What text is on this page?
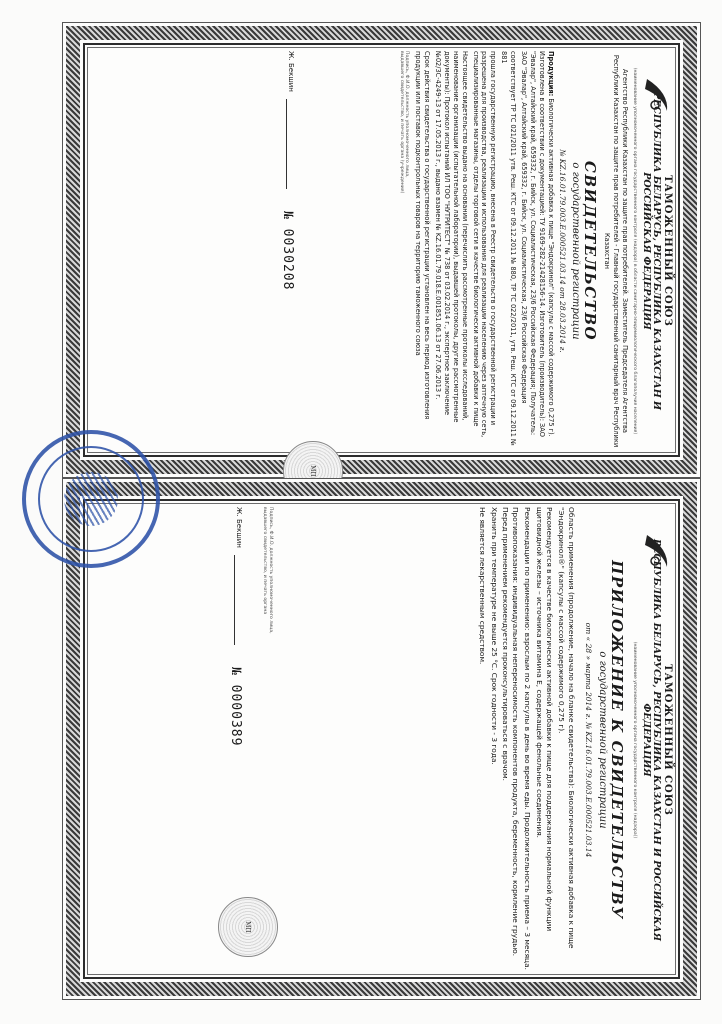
ТАМОЖЕННЫЙ СОЮЗ
РЕСПУБЛИКА БЕЛАРУСЬ, РЕСПУБЛИКА КАЗАХСТАН И РОССИЙСКАЯ ФЕДЕРАЦИЯ
(наименование уполномоченного органа государственного контроля (надзора) в области санитарно-эпидемиологического благополучия населения)
Агентство Республики Казахстан по защите прав потребителей. Заместитель Председателя Агентства Республики Казахстан по защите прав потребителей - Главный государственный санитарный врач Республики Казахстан
СВИДЕТЕЛЬСТВО
о государственной регистрации
№ KZ.16.01.79.003.E.000521.03.14 от 28.03.2014 г.
Продукция: Биологически активная добавка к пище "Эндокринол" (капсулы с массой содержимого 0,275 г). Изготовлена в соответствии с документацией: ТУ 9169-282-21428156-14. Изготовитель (производитель): ЗАО "Эвалар", Алтайский край, 659332, г. Бийск, ул. Социалистическая, 23/6 Российская Федерация; Получатель: ЗАО "Эвалар", Алтайский край, 659332, г. Бийск, ул. Социалистическая, 23/6 Российская Федерация
соответствует ТР ТС 021/2011 утв. Реш. КТС от 09.12.2011 № 880, ТР ТС 022/2011, утв. Реш. КТС от 09.12.2011 № 881
прошла государственную регистрацию, внесена в Реестр свидетельств о государственной регистрации и разрешена для производства, реализации и использования для реализации населению через аптечную сеть, специализированные магазины, отделы торговой сети в качестве биологически активной добавки к пище
Настоящее свидетельство выдано на основании (перечислить рассмотренные протоколы исследований, наименование организации (испытательной лаборатории), выдавшей протоколы, другие рассмотренные документы): Протокол испытаний ИЛ ТОО "НУТРИТЕСТ" № 738 от 03.02.2014 г., экспертное заключение №02/3С-4249-13 от 17.05.2013 г., выдано взамен № KZ.16.01.79.018.E.001851.06.13 от 27.06.2013 г.
Срок действия свидетельства о государственной регистрации установлен на весь период изготовления продукции или поставок подконтрольных товаров на территорию таможенного союза
Подпись, Ф.И.О. должность уполномоченного лица, выдавшего свидетельство, и печать органа (учреждения)
Ж. Бекшин
МП
№ 0030208
ТАМОЖЕННЫЙ СОЮЗ
РЕСПУБЛИКА БЕЛАРУСЬ, РЕСПУБЛИКА КАЗАХСТАН И РОССИЙСКАЯ ФЕДЕРАЦИЯ
(наименование уполномоченного органа государственного контроля (надзора))
ПРИЛОЖЕНИЕ К СВИДЕТЕЛЬСТВУ
о государственной регистрации
от « 28 » марта 2014 г. № KZ.16.01.79.003.E.000521.03.14
Область применения (продолжение, начало на бланке свидетельства): Биологически активная добавка к пище "Эндокринол®" (капсулы с массой содержимого 0,275 г).
Рекомендуется в качестве биологически активной добавки к пище для поддержания нормальной функции щитовидной железы – источника витамина Е, содержащей фенольные соединения.
Рекомендации по применению: взрослым по 2 капсулы в день во время еды. Продолжительность приема – 3 месяца.
Противопоказания: индивидуальная непереносимость компонентов продукта, беременность, кормление грудью. Перед применением рекомендуется проконсультироваться с врачом.
Хранить при температуре не выше 25 °С. Срок годности - 3 года.
Не является лекарственным средством.
Подпись, Ф.И.О. должность уполномоченного лица, выдавшего свидетельство, и печать органа
Ж. Бекшин
МП
№ 0000389
